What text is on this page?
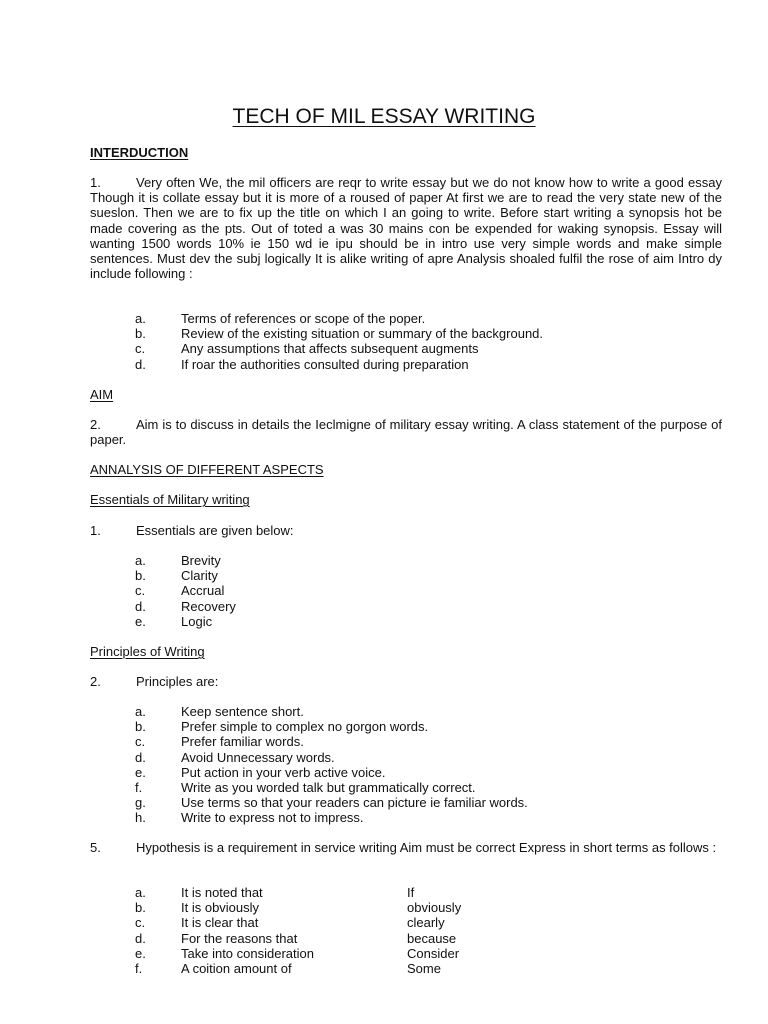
TECH OF MIL ESSAY WRITING
INTERDUCTION
1.	Very often We, the mil officers are reqr to write essay but we do not know how to write a good essay Though it is collate essay but it is more of a roused of paper At first we are to read the very state new of the sueslon. Then we are to fix up the title on which I an going to write. Before start writing a synopsis hot be made covering as the pts. Out of toted a was 30 mains con be expended for waking synopsis. Essay will wanting 1500 words 10% ie 150 wd ie ipu should be in intro use very simple words and make simple sentences. Must dev the subj logically It is alike writing of apre Analysis shoaled fulfil the rose of aim Intro dy include following :
a.	Terms of references or scope of the poper.
b.	Review of the existing situation or summary of the background.
c.	Any assumptions that affects subsequent augments
d.	If roar the authorities consulted during preparation
AIM
2.	Aim is to discuss in details the Ieclmigne of military essay writing. A class statement of the purpose of paper.
ANNALYSIS OF DIFFERENT ASPECTS
Essentials of Military writing
1.	Essentials are given below:
a.	Brevity
b.	Clarity
c.	Accrual
d.	Recovery
e.	Logic
Principles of Writing
2.	Principles are:
a.	Keep sentence short.
b.	Prefer simple to complex no gorgon words.
c.	Prefer familiar words.
d.	Avoid Unnecessary words.
e.	Put action in your verb active voice.
f.	Write as you worded talk but grammatically correct.
g.	Use terms so that your readers can picture ie familiar words.
h.	Write to express not to impress.
5.	Hypothesis is a requirement in service writing Aim must be correct Express in short terms as follows :
a.	It is noted that	If
b.	It is obviously	obviously
c.	It is clear that	clearly
d.	For the reasons that	because
e.	Take into consideration	Consider
f.	A coition amount of	Some
